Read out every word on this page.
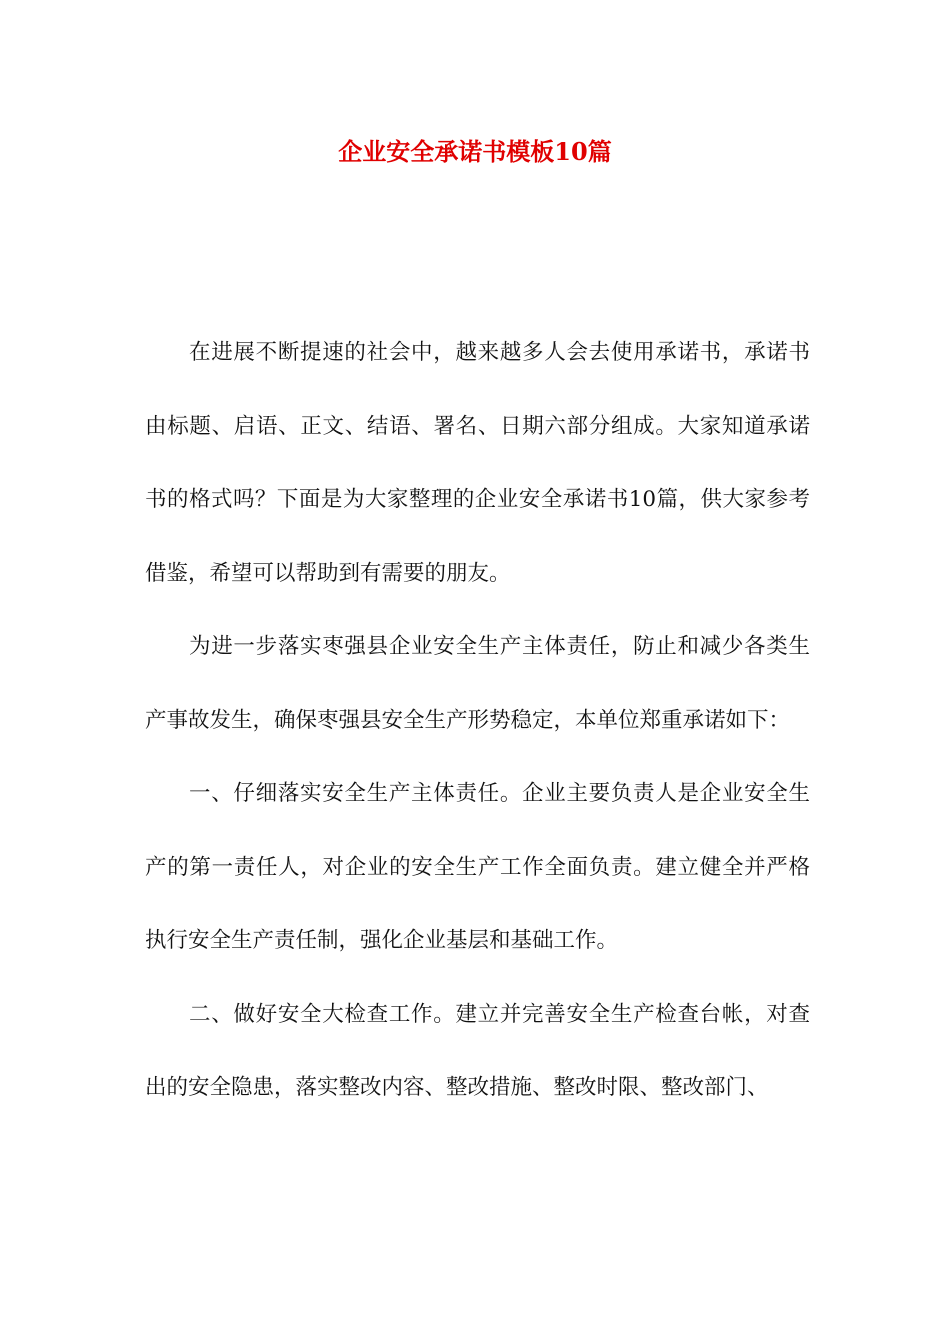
企业安全承诺书模板10篇

在进展不断提速的社会中，越来越多人会去使用承诺书，承诺书由标题、启语、正文、结语、署名、日期六部分组成。大家知道承诺书的格式吗？下面是为大家整理的企业安全承诺书10篇，供大家参考借鉴，希望可以帮助到有需要的朋友。

为进一步落实枣强县企业安全生产主体责任，防止和减少各类生产事故发生，确保枣强县安全生产形势稳定，本单位郑重承诺如下：

一、仔细落实安全生产主体责任。企业主要负责人是企业安全生产的第一责任人，对企业的安全生产工作全面负责。建立健全并严格执行安全生产责任制，强化企业基层和基础工作。

二、做好安全大检查工作。建立并完善安全生产检查台帐，对查出的安全隐患，落实整改内容、整改措施、整改时限、整改部门、
